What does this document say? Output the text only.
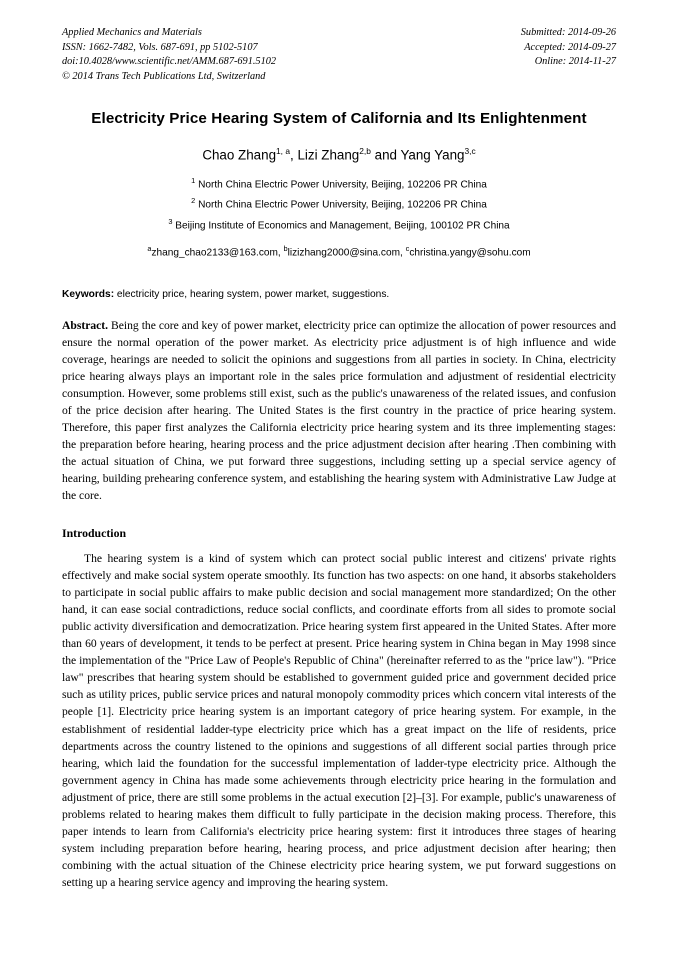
Applied Mechanics and Materials
ISSN: 1662-7482, Vols. 687-691, pp 5102-5107
doi:10.4028/www.scientific.net/AMM.687-691.5102
© 2014 Trans Tech Publications Ltd, Switzerland
Submitted: 2014-09-26
Accepted: 2014-09-27
Online: 2014-11-27
Electricity Price Hearing System of California and Its Enlightenment
Chao Zhang$^{1, a}$, Lizi Zhang$^{2,b}$ and Yang Yang$^{3,c}$
$^1$ North China Electric Power University, Beijing, 102206 PR China
$^2$ North China Electric Power University, Beijing, 102206 PR China
$^3$ Beijing Institute of Economics and Management, Beijing, 100102 PR China
$^a$zhang_chao2133@163.com, $^b$lizizhang2000@sina.com, $^c$christina.yangy@sohu.com
Keywords: electricity price, hearing system, power market, suggestions.
Abstract. Being the core and key of power market, electricity price can optimize the allocation of power resources and ensure the normal operation of the power market. As electricity price adjustment is of high influence and wide coverage, hearings are needed to solicit the opinions and suggestions from all parties in society. In China, electricity price hearing always plays an important role in the sales price formulation and adjustment of residential electricity consumption. However, some problems still exist, such as the public's unawareness of the related issues, and confusion of the price decision after hearing. The United States is the first country in the practice of price hearing system. Therefore, this paper first analyzes the California electricity price hearing system and its three implementing stages: the preparation before hearing, hearing process and the price adjustment decision after hearing .Then combining with the actual situation of China, we put forward three suggestions, including setting up a special service agency of hearing, building prehearing conference system, and establishing the hearing system with Administrative Law Judge at the core.
Introduction
The hearing system is a kind of system which can protect social public interest and citizens' private rights effectively and make social system operate smoothly. Its function has two aspects: on one hand, it absorbs stakeholders to participate in social public affairs to make public decision and social management more standardized; On the other hand, it can ease social contradictions, reduce social conflicts, and coordinate efforts from all sides to promote social public activity diversification and democratization. Price hearing system first appeared in the United States. After more than 60 years of development, it tends to be perfect at present. Price hearing system in China began in May 1998 since the implementation of the "Price Law of People's Republic of China" (hereinafter referred to as the "price law"). "Price law" prescribes that hearing system should be established to government guided price and government decided price such as utility prices, public service prices and natural monopoly commodity prices which concern vital interests of the people [1]. Electricity price hearing system is an important category of price hearing system. For example, in the establishment of residential ladder-type electricity price which has a great impact on the life of residents, price departments across the country listened to the opinions and suggestions of all different social parties through price hearing, which laid the foundation for the successful implementation of ladder-type electricity price. Although the government agency in China has made some achievements through electricity price hearing in the formulation and adjustment of price, there are still some problems in the actual execution [2]–[3]. For example, public's unawareness of problems related to hearing makes them difficult to fully participate in the decision making process. Therefore, this paper intends to learn from California's electricity price hearing system: first it introduces three stages of hearing system including preparation before hearing, hearing process, and price adjustment decision after hearing; then combining with the actual situation of the Chinese electricity price hearing system, we put forward suggestions on setting up a hearing service agency and improving the hearing system.
